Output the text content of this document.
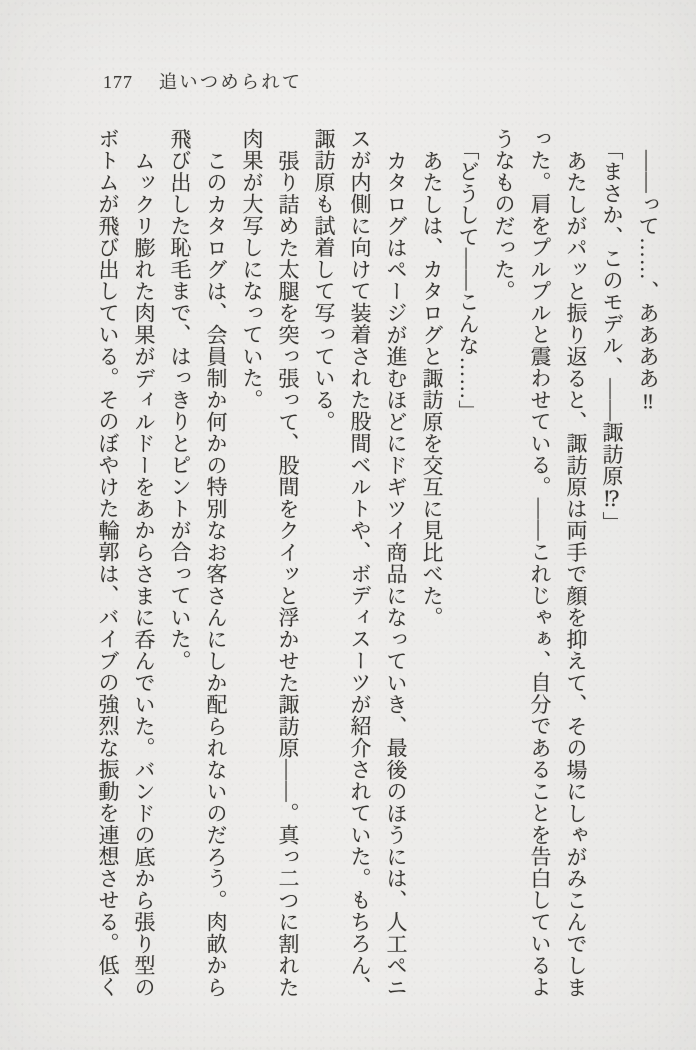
177 追いつめられて

――って……、ああああ‼

「まさか、このモデル、――諏訪原⁉」

あたしがパッと振り返ると、諏訪原は両手で顔を抑えて、その場にしゃがみこんでしまった。肩をプルプルと震わせている。――これじゃぁ、自分であることを告白しているようなものだった。

「どうして――こんな……」

あたしは、カタログと諏訪原を交互に見比べた。

カタログはページが進むほどにドギツイ商品になっていき、最後のほうには、人工ペニスが内側に向けて装着された股間ベルトや、ボディスーツが紹介されていた。もちろん、諏訪原も試着して写っている。

張り詰めた太腿を突っ張って、股間をクイッと浮かせた諏訪原――。真っ二つに割れた肉果が大写しになっていた。

このカタログは、会員制か何かの特別なお客さんにしか配られないのだろう。肉畝から飛び出した恥毛まで、はっきりとピントが合っていた。

ムックリ膨れた肉果がディルドーをあからさまに呑んでいた。バンドの底から張り型のボトムが飛び出している。そのぼやけた輪郭は、バイブの強烈な振動を連想させる。低く
